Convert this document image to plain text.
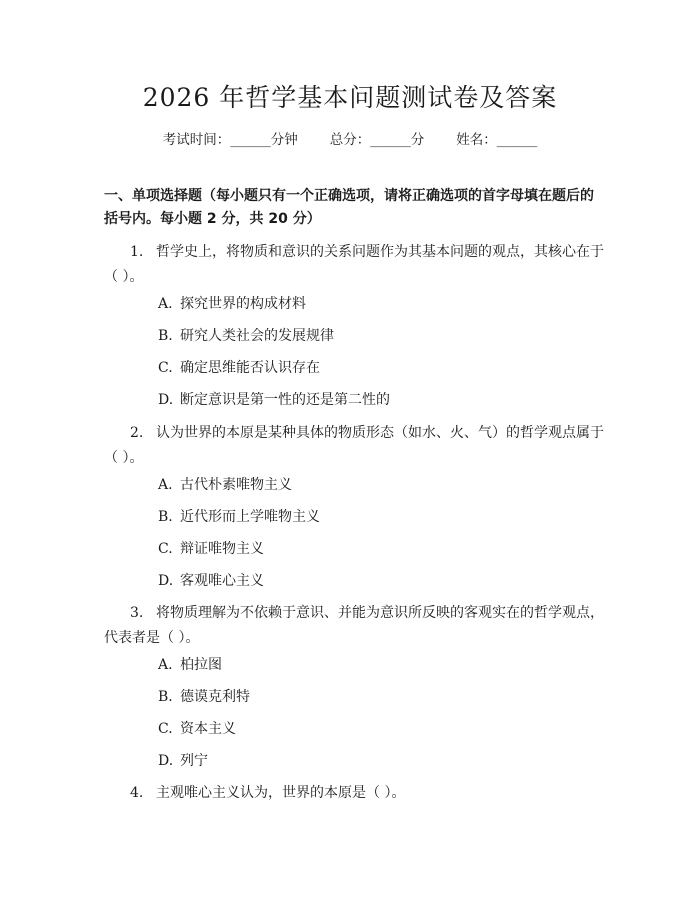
2026 年哲学基本问题测试卷及答案
考试时间：______分钟 总分：______分 姓名：______
一、单项选择题（每小题只有一个正确选项，请将正确选项的首字母填在题后的括号内。每小题 2 分，共 20 分）
1. 哲学史上，将物质和意识的关系问题作为其基本问题的观点，其核心在于（ ）。
A. 探究世界的构成材料
B. 研究人类社会的发展规律
C. 确定思维能否认识存在
D. 断定意识是第一性的还是第二性的
2. 认为世界的本原是某种具体的物质形态（如水、火、气）的哲学观点属于（ ）。
A. 古代朴素唯物主义
B. 近代形而上学唯物主义
C. 辩证唯物主义
D. 客观唯心主义
3. 将物质理解为不依赖于意识、并能为意识所反映的客观实在的哲学观点，代表者是（ ）。
A. 柏拉图
B. 德谟克利特
C. 资本主义
D. 列宁
4. 主观唯心主义认为，世界的本原是（ ）。
